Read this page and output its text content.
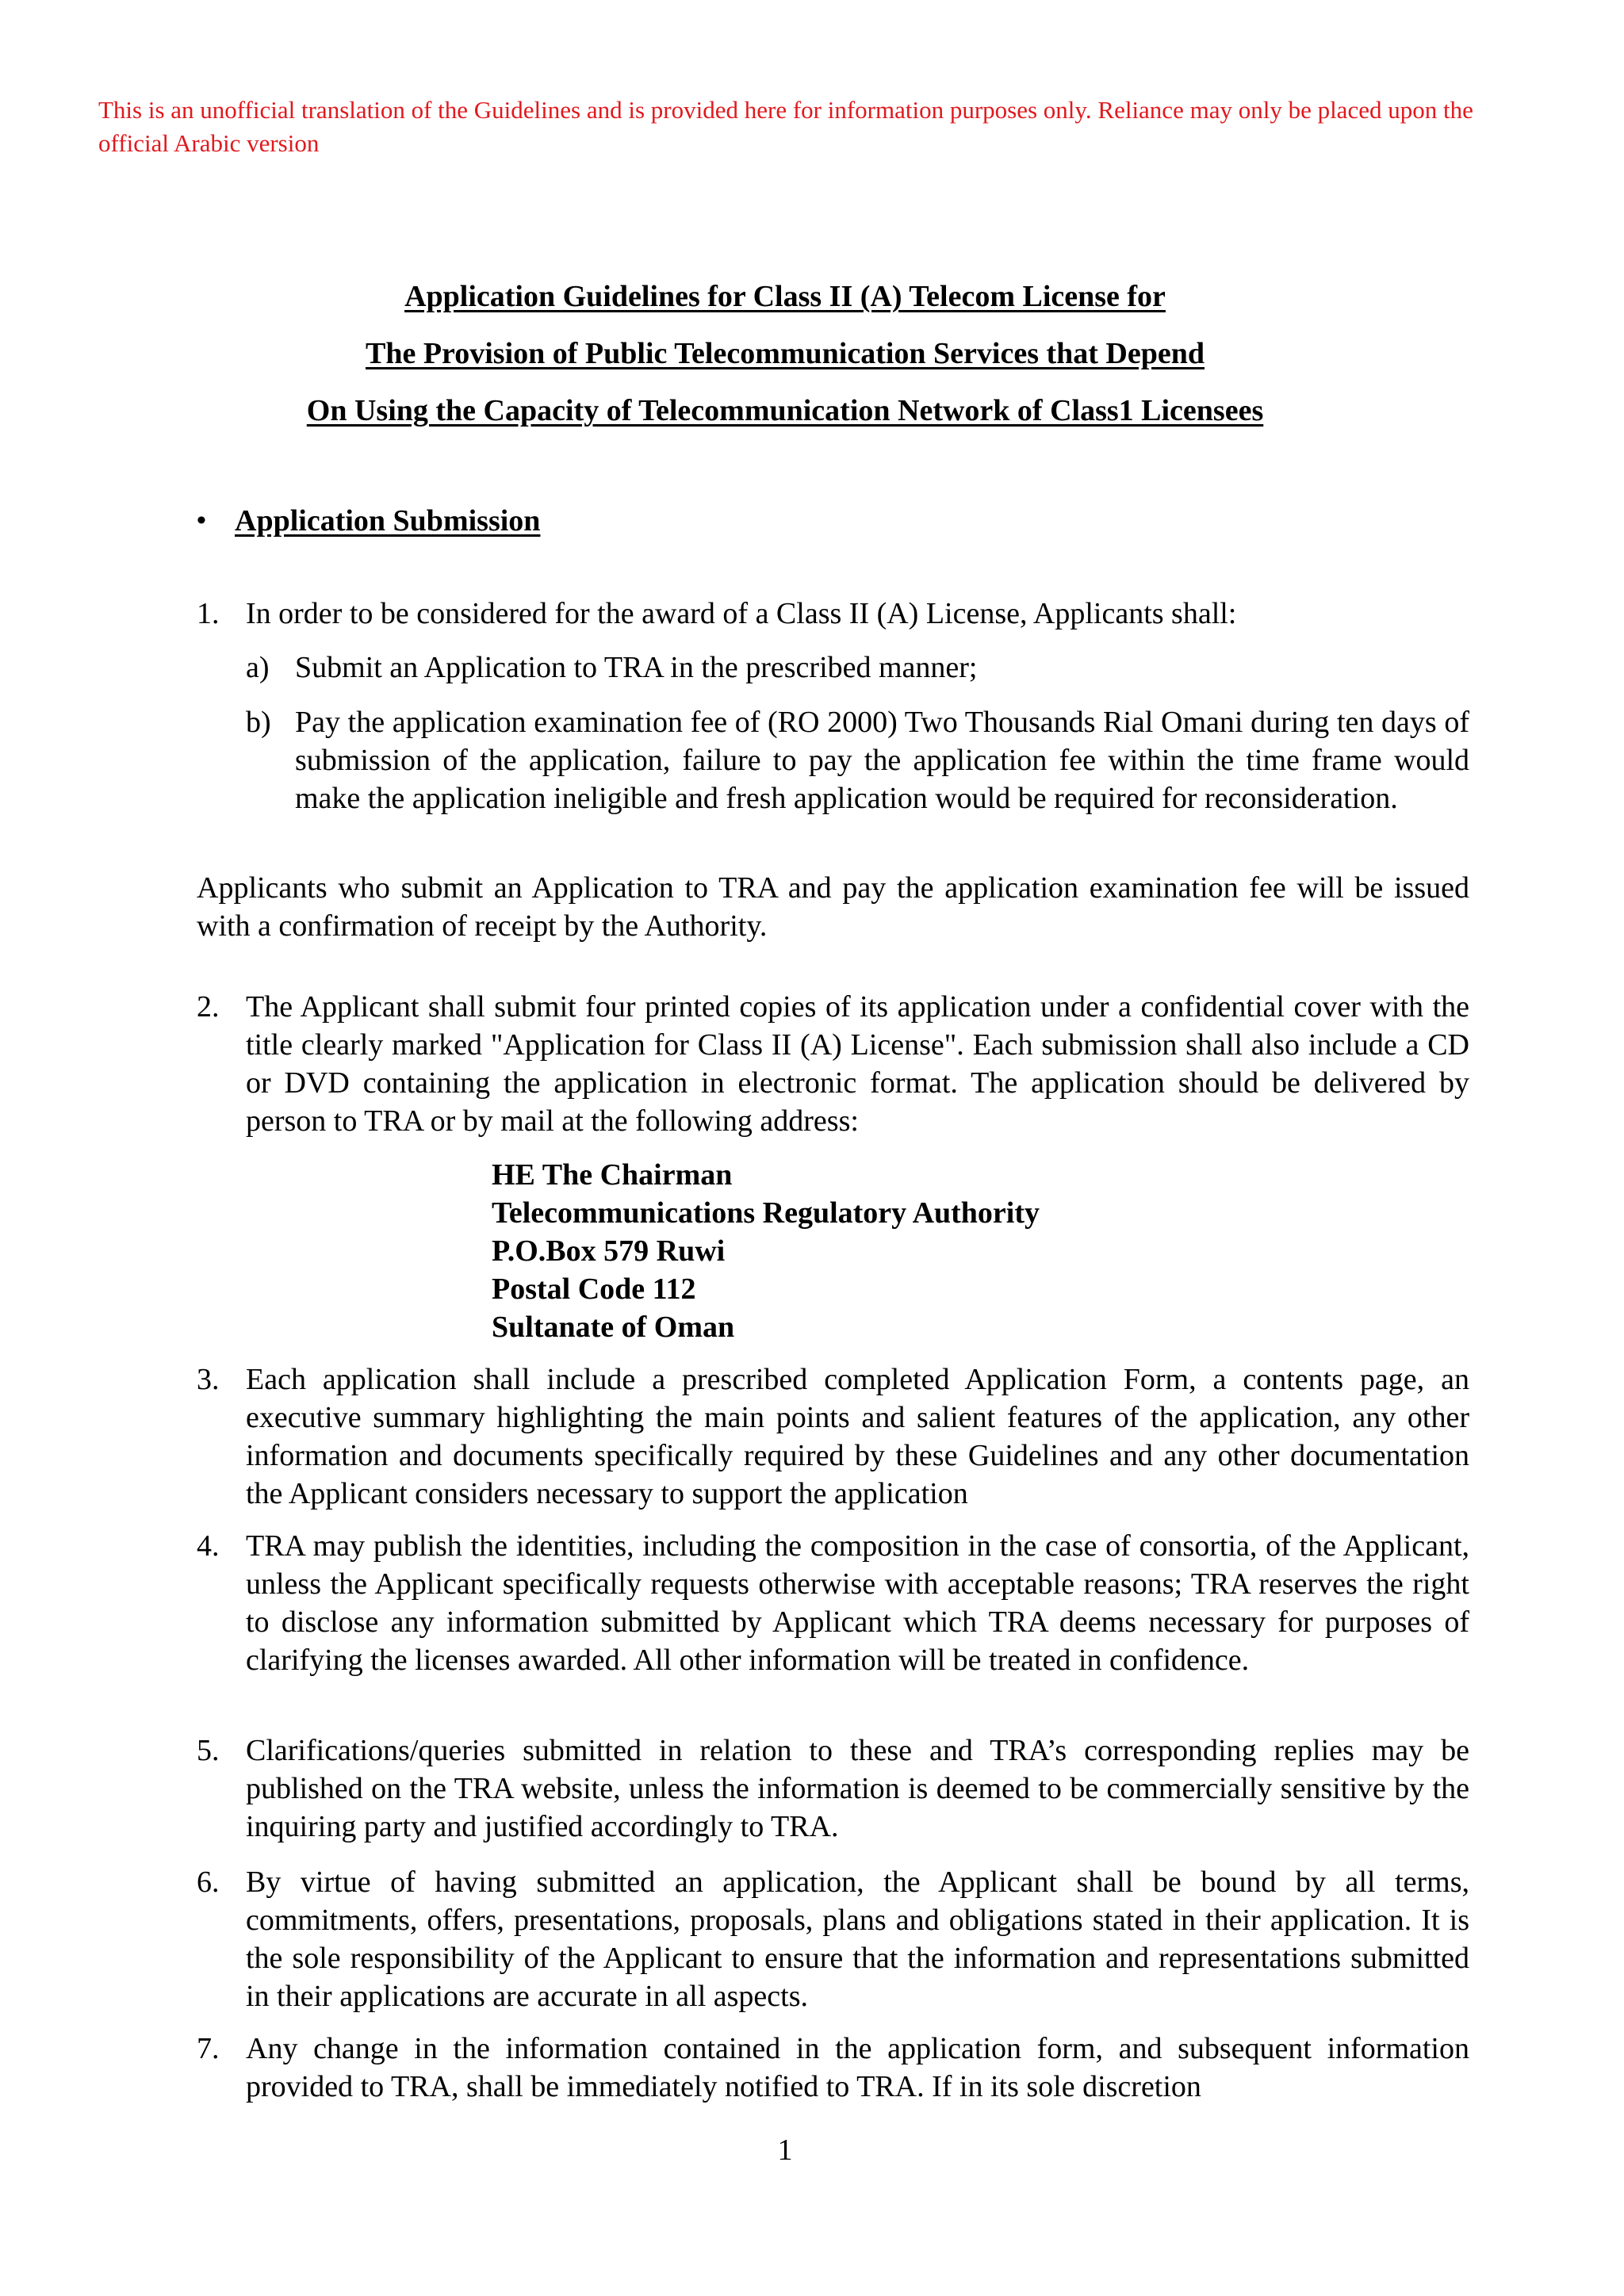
This is an unofficial translation of the Guidelines and is provided here for information purposes only. Reliance may only be placed upon the official Arabic version
Application Guidelines for Class II (A) Telecom License for
The Provision of Public Telecommunication Services that Depend
On Using the Capacity of Telecommunication Network of Class1 Licensees
• Application Submission
1. In order to be considered for the award of a Class II (A) License, Applicants shall:
a) Submit an Application to TRA in the prescribed manner;
b) Pay the application examination fee of (RO 2000) Two Thousands Rial Omani during ten days of submission of the application, failure to pay the application fee within the time frame would make the application ineligible and fresh application would be required for reconsideration.
Applicants who submit an Application to TRA and pay the application examination fee will be issued with a confirmation of receipt by the Authority.
2. The Applicant shall submit four printed copies of its application under a confidential cover with the title clearly marked "Application for Class II (A) License". Each submission shall also include a CD or DVD containing the application in electronic format. The application should be delivered by person to TRA or by mail at the following address:
HE The Chairman
Telecommunications Regulatory Authority
P.O.Box 579 Ruwi
Postal Code 112
Sultanate of Oman
3. Each application shall include a prescribed completed Application Form, a contents page, an executive summary highlighting the main points and salient features of the application, any other information and documents specifically required by these Guidelines and any other documentation the Applicant considers necessary to support the application
4. TRA may publish the identities, including the composition in the case of consortia, of the Applicant, unless the Applicant specifically requests otherwise with acceptable reasons; TRA reserves the right to disclose any information submitted by Applicant which TRA deems necessary for purposes of clarifying the licenses awarded. All other information will be treated in confidence.
5. Clarifications/queries submitted in relation to these and TRA’s corresponding replies may be published on the TRA website, unless the information is deemed to be commercially sensitive by the inquiring party and justified accordingly to TRA.
6. By virtue of having submitted an application, the Applicant shall be bound by all terms, commitments, offers, presentations, proposals, plans and obligations stated in their application. It is the sole responsibility of the Applicant to ensure that the information and representations submitted in their applications are accurate in all aspects.
7. Any change in the information contained in the application form, and subsequent information provided to TRA, shall be immediately notified to TRA. If in its sole discretion
1
